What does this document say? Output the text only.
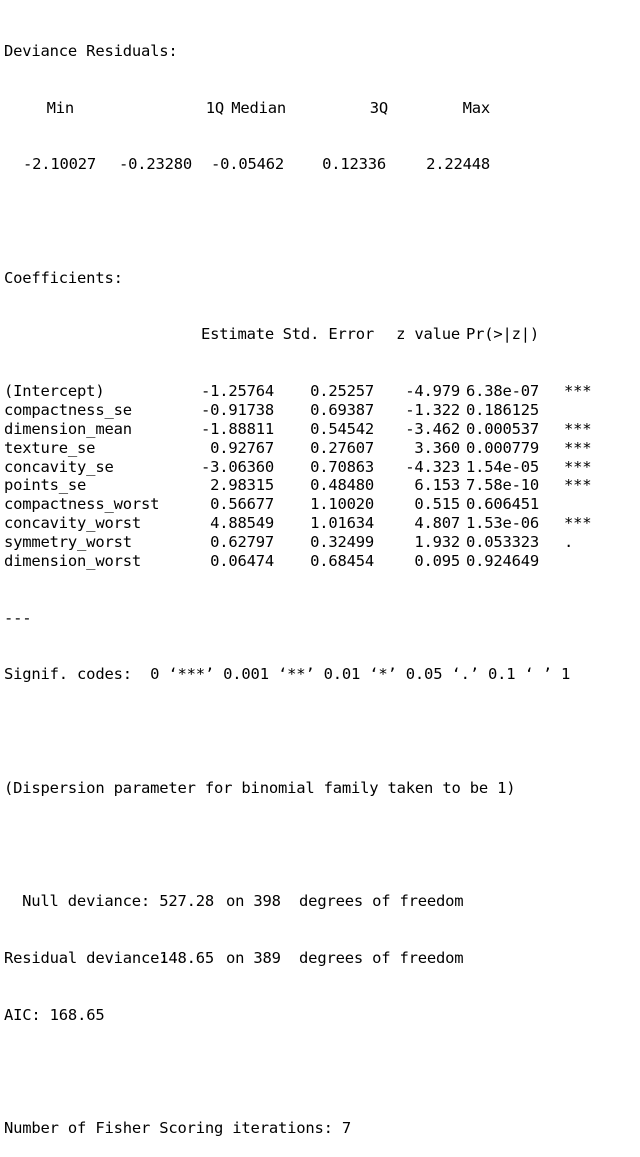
Deviance Residuals:

Min	1Q Median	3Q	Max

-2.10027 -0.23280 -0.05462 0.12336	2.22448

Coefficients:

Estimate Std. Error z value Pr(>|z|)

(Intercept)	-1.25764 0.25257 -4.979 6.38e-07 ***
compactness_se	-0.91738 0.69387 -1.322 0.186125
dimension_mean	-1.88811 0.54542 -3.462 0.000537 ***
texture_se	0.92767 0.27607	3.360 0.000779 ***
concavity_se	-3.06360 0.70863 -4.323 1.54e-05 ***
points_se	2.98315 0.48480	6.153 7.58e-10 ***
compactness_worst	0.56677 1.10020	0.515 0.606451
concavity_worst	4.88549 1.01634	4.807 1.53e-06 ***
symmetry_worst	0.62797 0.32499	1.932 0.053323 .
dimension_worst	0.06474 0.68454	0.095 0.924649

---

Signif. codes:  0 ‘***’ 0.001 ‘**’ 0.01 ‘*’ 0.05 ‘.’ 0.1 ‘ ’ 1

(Dispersion parameter for binomial family taken to be 1)

Null deviance: 527.28 on 398  degrees of freedom

Residual deviance:148.65 on 389  degrees of freedom

AIC: 168.65

Number of Fisher Scoring iterations: 7
